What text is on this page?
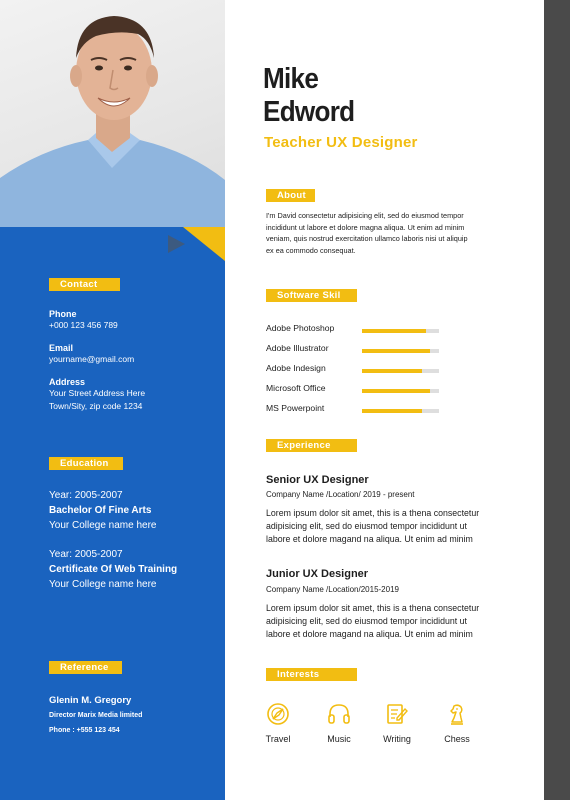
Contact
Phone
+000 123 456 789
Email
yourname@gmail.com
Address
Your Street Address Here
Town/Sity, zip code 1234
Education
Year: 2005-2007
Bachelor Of Fine Arts
Your College name here
Year: 2005-2007
Certificate Of Web Training
Your College name here
Reference
Glenin M. Gregory
Director Marix Media limited
Phone : +555 123 454
Mike
Edword
Teacher UX Designer
About
I'm David consectetur adipisicing elit, sed do eiusmod tempor
incididunt ut labore et dolore magna aliqua. Ut enim ad minim
veniam, quis nostrud exercitation ullamco laboris nisi ut aliquip
ex ea commodo consequat.
Software Skil
Adobe Photoshop
Adobe Illustrator
Adobe Indesign
Microsoft Office
MS Powerpoint
Experience
Senior UX Designer
Company Name /Location/ 2019 - present
Lorem ipsum dolor sit amet, this is a thena consectetur
adipisicing elit, sed do eiusmod tempor incididunt ut
labore et dolore magand na aliqua. Ut enim ad minim
Junior UX Designer
Company Name /Location/2015-2019
Lorem ipsum dolor sit amet, this is a thena consectetur
adipisicing elit, sed do eiusmod tempor incididunt ut
labore et dolore magand na aliqua. Ut enim ad minim
Interests
Travel	Music	Writing	Chess
